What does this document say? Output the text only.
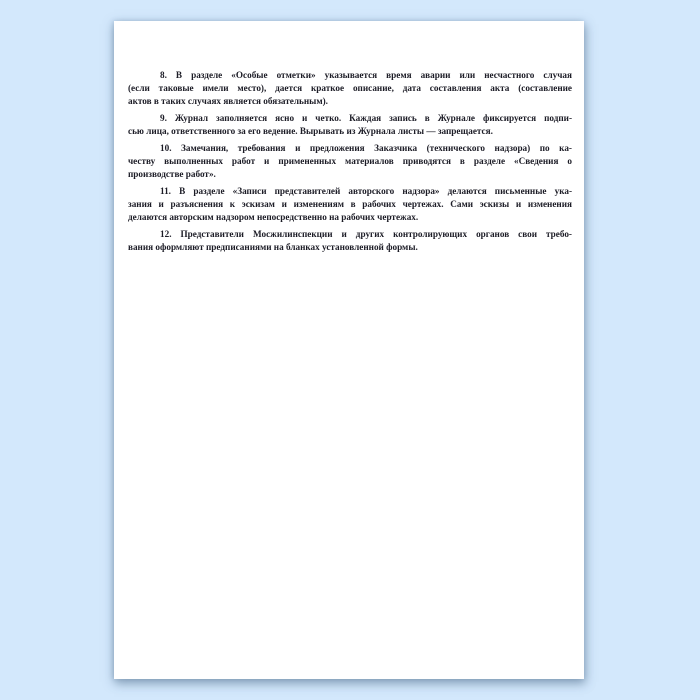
8. В разделе «Особые отметки» указывается время аварии или несчастного случая
(если таковые имели место), дается краткое описание, дата составления акта (составление
актов в таких случаях является обязательным).
9. Журнал заполняется ясно и четко. Каждая запись в Журнале фиксируется подпи-
сью лица, ответственного за его ведение. Вырывать из Журнала листы — запрещается.
10. Замечания, требования и предложения Заказчика (технического надзора) по ка-
честву выполненных работ и примененных материалов приводятся в разделе «Сведения о
производстве работ».
11. В разделе «Записи представителей авторского надзора» делаются письменные ука-
зания и разъяснения к эскизам и изменениям в рабочих чертежах. Сами эскизы и изменения
делаются авторским надзором непосредственно на рабочих чертежах.
12. Представители Мосжилинспекции и других контролирующих органов свои требо-
вания оформляют предписаниями на бланках установленной формы.
